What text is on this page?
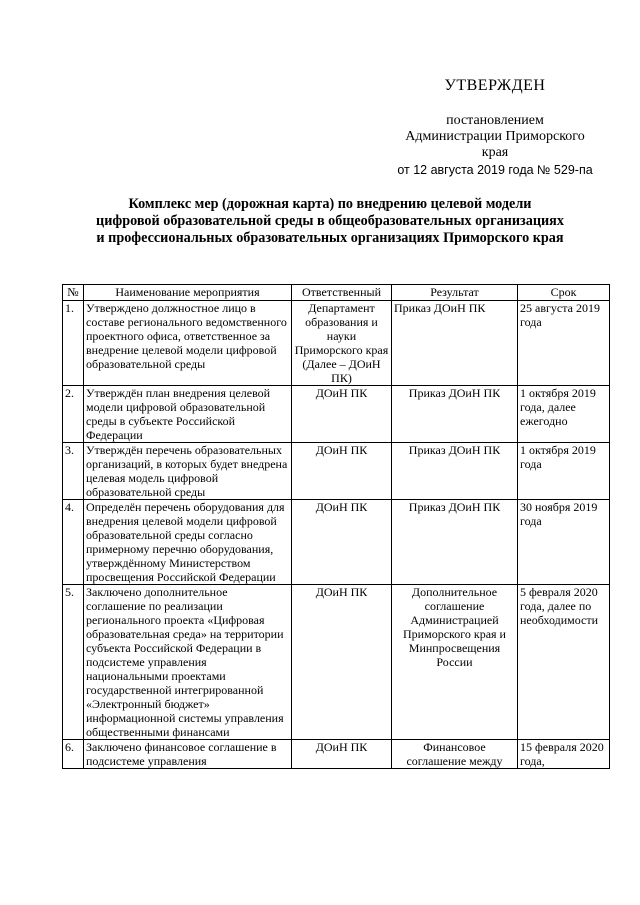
УТВЕРЖДЕН
постановлением
Администрации Приморского
края
от 12 августа 2019 года № 529-па
Комплекс мер (дорожная карта) по внедрению целевой модели цифровой образовательной среды в общеобразовательных организациях и профессиональных образовательных организациях Приморского края
№	Наименование мероприятия	Ответственный	Результат	Срок
1.	Утверждено должностное лицо в составе регионального ведомственного проектного офиса, ответственное за внедрение целевой модели цифровой образовательной среды	Департамент образования и науки Приморского края (Далее – ДОиН ПК)	Приказ ДОиН ПК	25 августа 2019 года
2.	Утверждён план внедрения целевой модели цифровой образовательной среды в субъекте Российской Федерации	ДОиН ПК	Приказ ДОиН ПК	1 октября 2019 года, далее ежегодно
3.	Утверждён перечень образовательных организаций, в которых будет внедрена целевая модель цифровой образовательной среды	ДОиН ПК	Приказ ДОиН ПК	1 октября 2019 года
4.	Определён перечень оборудования для внедрения целевой модели цифровой образовательной среды согласно примерному перечню оборудования, утверждённому Министерством просвещения Российской Федерации	ДОиН ПК	Приказ ДОиН ПК	30 ноября 2019 года
5.	Заключено дополнительное соглашение по реализации регионального проекта «Цифровая образовательная среда» на территории субъекта Российской Федерации в подсистеме управления национальными проектами государственной интегрированной «Электронный бюджет» информационной системы управления общественными финансами	ДОиН ПК	Дополнительное соглашение Администрацией Приморского края и Минпросвещения России	5 февраля 2020 года, далее по необходимости
6.	Заключено финансовое соглашение в подсистеме управления	ДОиН ПК	Финансовое соглашение между	15 февраля 2020 года,
